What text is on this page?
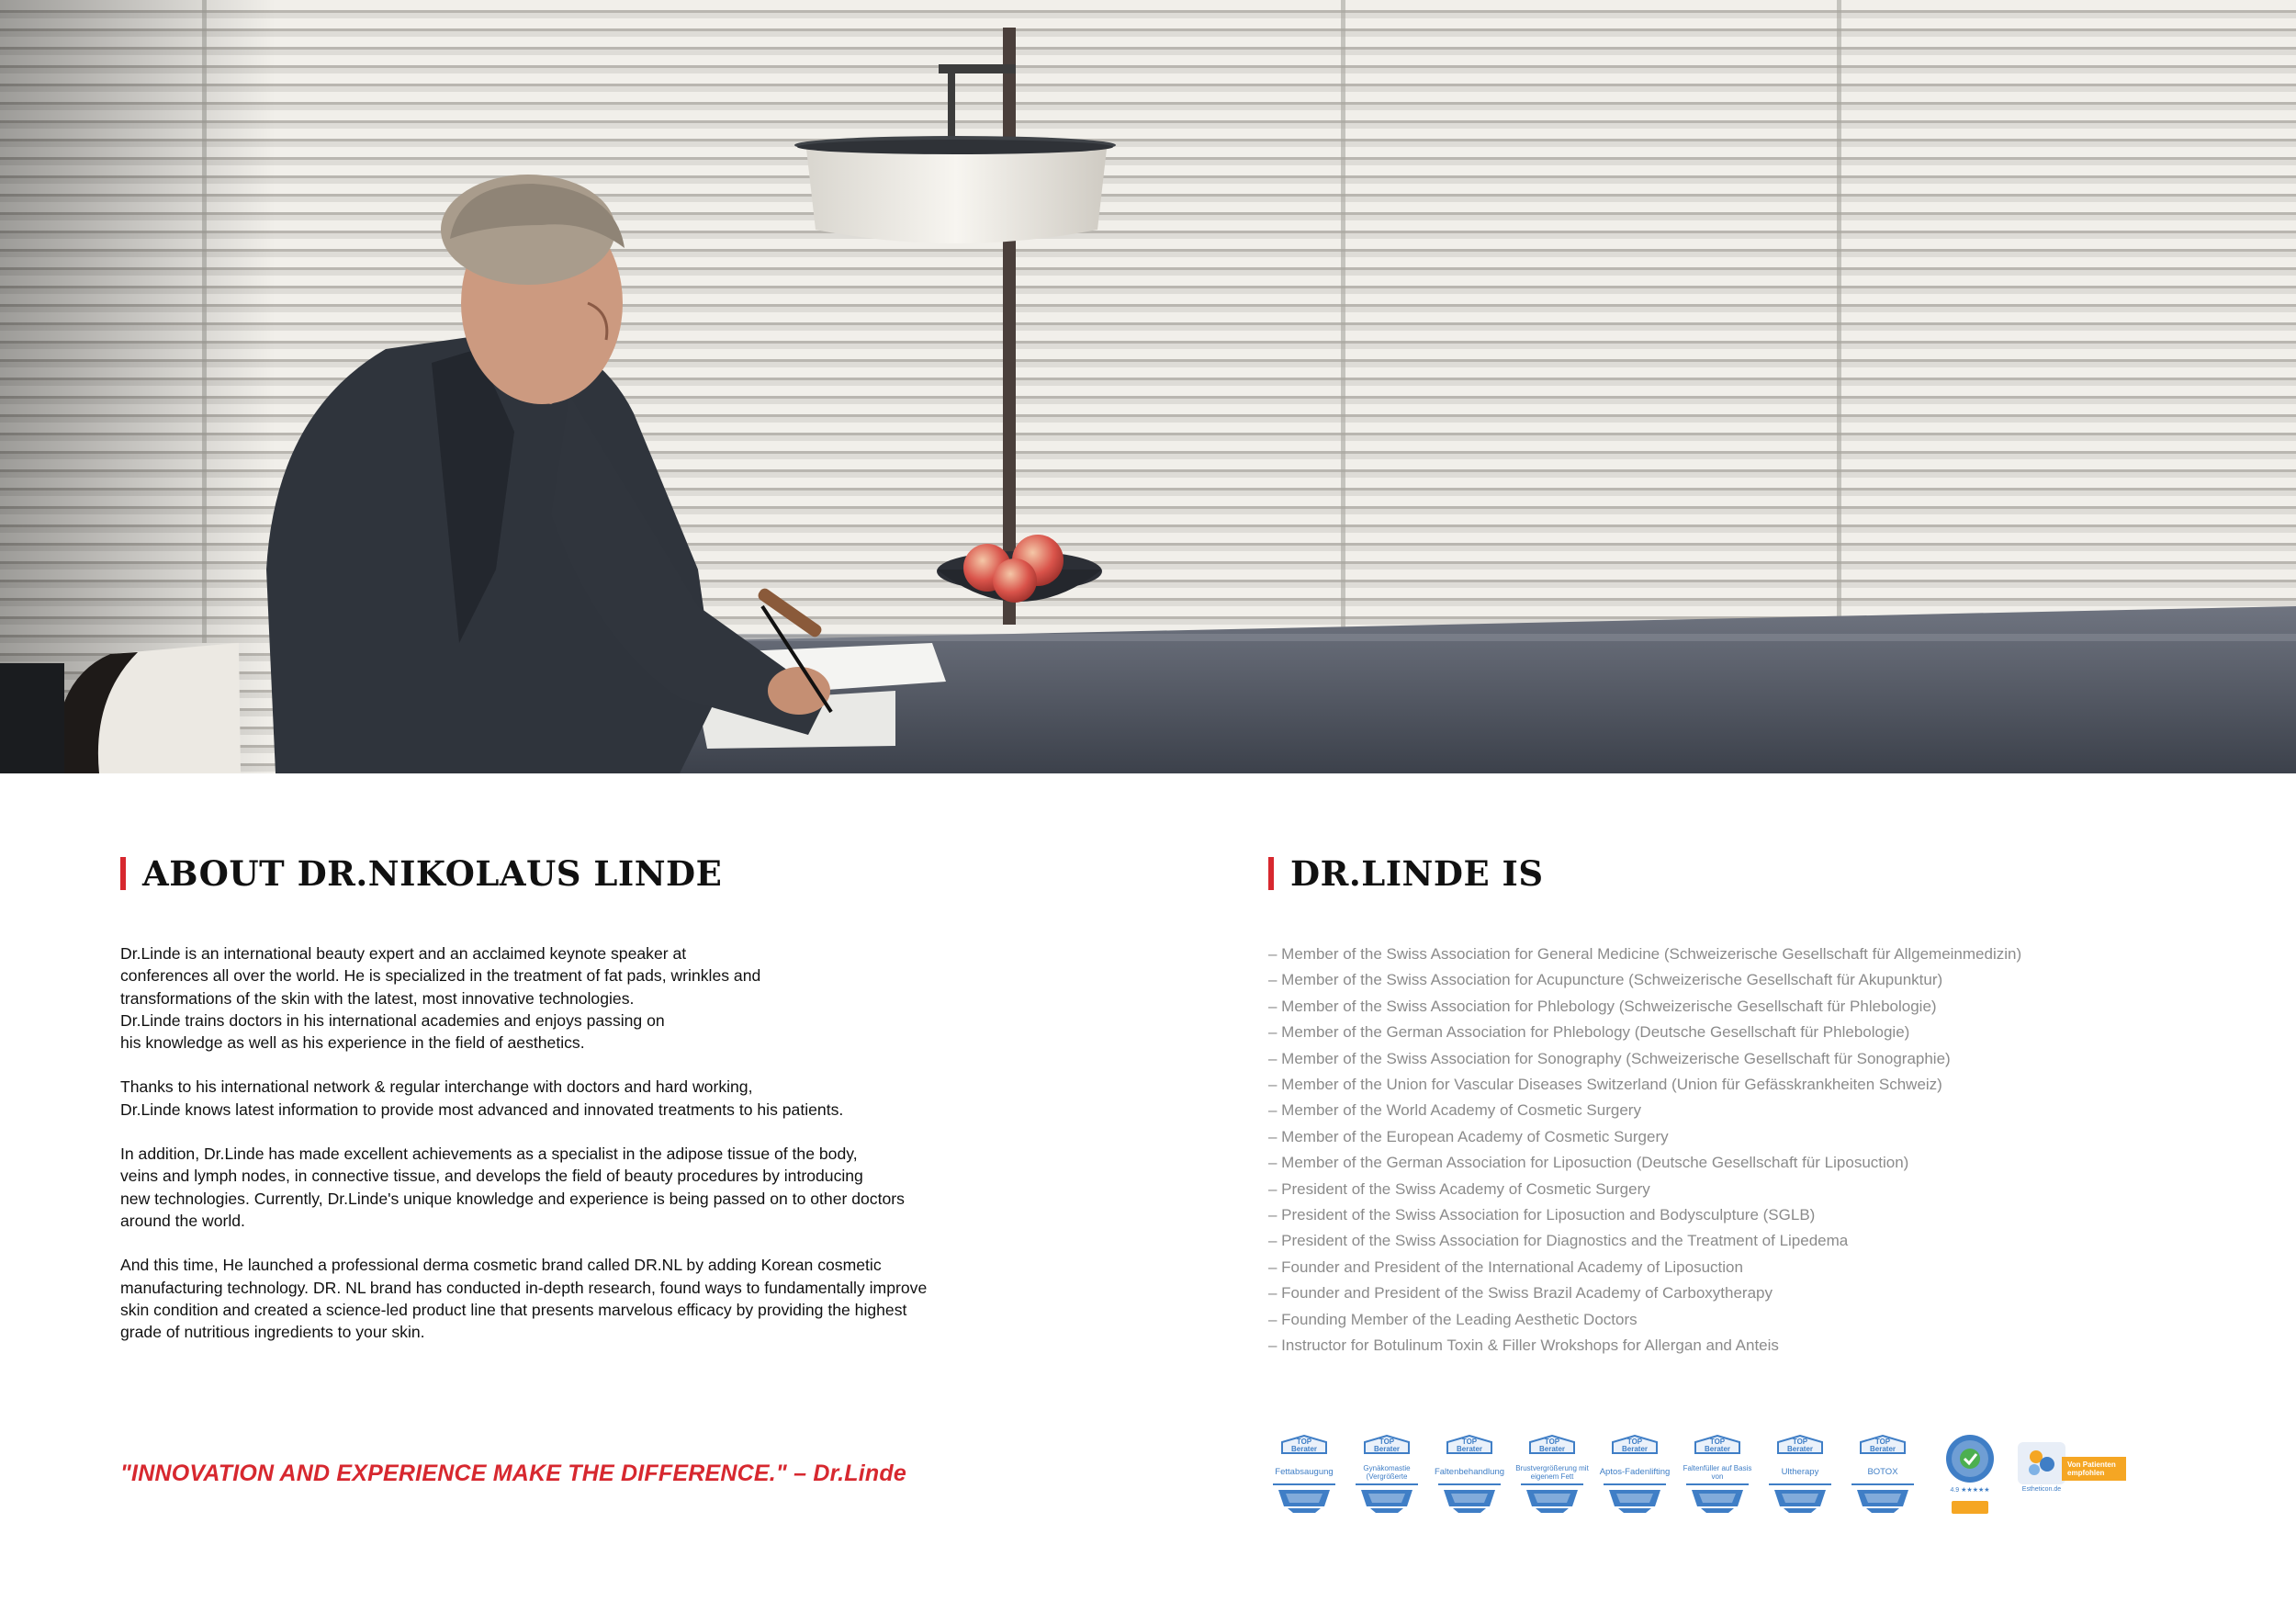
ABOUT DR.NIKOLAUS LINDE

Dr.Linde is an international beauty expert and an acclaimed keynote speaker at
conferences all over the world. He is specialized in the treatment of fat pads, wrinkles and
transformations of the skin with the latest, most innovative technologies.
Dr.Linde trains doctors in his international academies and enjoys passing on
his knowledge as well as his experience in the field of aesthetics.

Thanks to his international network & regular interchange with doctors and hard working,
Dr.Linde knows latest information to provide most advanced and innovated treatments to his patients.

In addition, Dr.Linde has made excellent achievements as a specialist in the adipose tissue of the body,
veins and lymph nodes, in connective tissue, and develops the field of beauty procedures by introducing
new technologies. Currently, Dr.Linde's unique knowledge and experience is being passed on to other doctors
around the world.

And this time, He launched a professional derma cosmetic brand called DR.NL by adding Korean cosmetic
manufacturing technology. DR. NL brand has conducted in-depth research, found ways to fundamentally improve
skin condition and created a science-led product line that presents marvelous efficacy by providing the highest
grade of nutritious ingredients to your skin.

"INNOVATION AND EXPERIENCE MAKE THE DIFFERENCE." – Dr.Linde
DR.LINDE IS
– Member of the Swiss Association for General Medicine (Schweizerische Gesellschaft für Allgemeinmedizin)
– Member of the Swiss Association for Acupuncture (Schweizerische Gesellschaft für Akupunktur)
– Member of the Swiss Association for Phlebology (Schweizerische Gesellschaft für Phlebologie)
– Member of the German Association for Phlebology (Deutsche Gesellschaft für Phlebologie)
– Member of the Swiss Association for Sonography (Schweizerische Gesellschaft für Sonographie)
– Member of the Union for Vascular Diseases Switzerland (Union für Gefässkrankheiten Schweiz)
– Member of the World Academy of Cosmetic Surgery
– Member of the European Academy of Cosmetic Surgery
– Member of the German Association for Liposuction (Deutsche Gesellschaft für Liposuction)
– President of the Swiss Academy of Cosmetic Surgery
– President of the Swiss Association for Liposuction and Bodysculpture (SGLB)
– President of the Swiss Association for Diagnostics and the Treatment of Lipedema
– Founder and President of the International Academy of Liposuction
– Founder and President of the Swiss Brazil Academy of Carboxytherapy
– Founding Member of the Leading Aesthetic Doctors
– Instructor for Botulinum Toxin & Filler Wrokshops for Allergan and Anteis
TOP
Berater
Fettabsaugung
TOP
Berater
Gynäkomastie (Vergrößerte
TOP
Berater
Faltenbehandlung
TOP
Berater
Brustvergrößerung mit eigenem Fett
TOP
Berater
Aptos-Fadenlifting
TOP
Berater
Faltenfüller auf Basis von
TOP
Berater
Ultherapy
TOP
Berater
BOTOX
4.9 ★★★★★
Von Patienten empfohlen
Estheticon.de
